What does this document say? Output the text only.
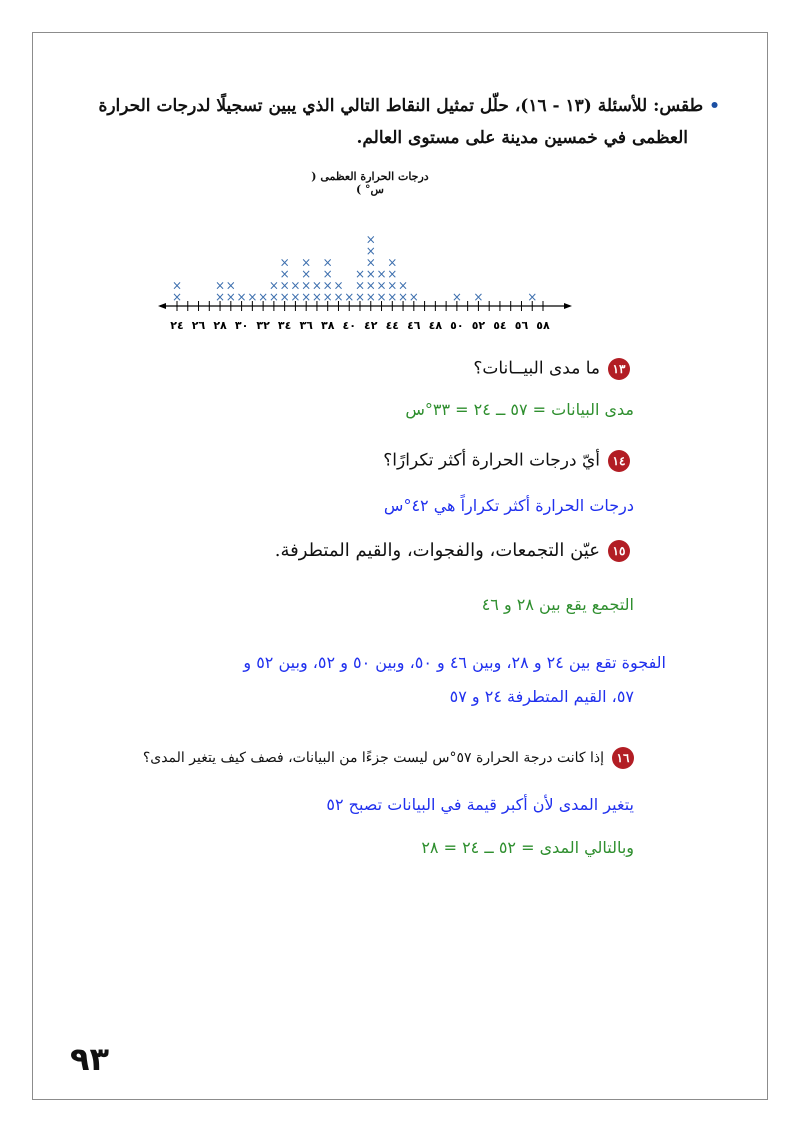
• طقس: للأسئلة (١٣ - ١٦)، حلّل تمثيل النقاط التالي الذي يبين تسجيلًا لدرجات الحرارة
العظمى في خمسين مدينة على مستوى العالم.
درجات الحرارة العظمى ( س° )
×
×
×
×
×
×
× × × ×
×
×
×
×
×
×
×
×
×
×
×
×
×
×
×
×
×
×
×
× ×
×
×
×
×
×
×
×
×
×
×
×
×
×
×
×
×
×
×	× ×	×
٢٤ ٢٦ ٢٨ ٣٠ ٣٢ ٣٤ ٣٦ ٣٨ ٤٠ ٤٢ ٤٤ ٤٦ ٤٨ ٥٠ ٥٢ ٥٤ ٥٦ ٥٨
١٣ما مدى البيــانات؟
مدى البيانات = ٥٧ ــ ٢٤ = ٣٣°س
١٤أيّ درجات الحرارة أكثر تكرارًا؟
درجات الحرارة أكثر تكراراً هي ٤٢°س
١٥عيّن التجمعات، والفجوات، والقيم المتطرفة.
التجمع يقع بين ٢٨ و ٤٦
الفجوة تقع بين ٢٤ و ٢٨، وبين ٤٦ و ٥٠، وبين ٥٠ و ٥٢، وبين ٥٢ و
٥٧، القيم المتطرفة ٢٤ و ٥٧
١٦إذا كانت درجة الحرارة ٥٧°س ليست جزءًا من البيانات، فصف كيف يتغير المدى؟
يتغير المدى لأن أكبر قيمة في البيانات تصبح ٥٢
وبالتالي المدى = ٥٢ ــ ٢٤ = ٢٨
٩٣
